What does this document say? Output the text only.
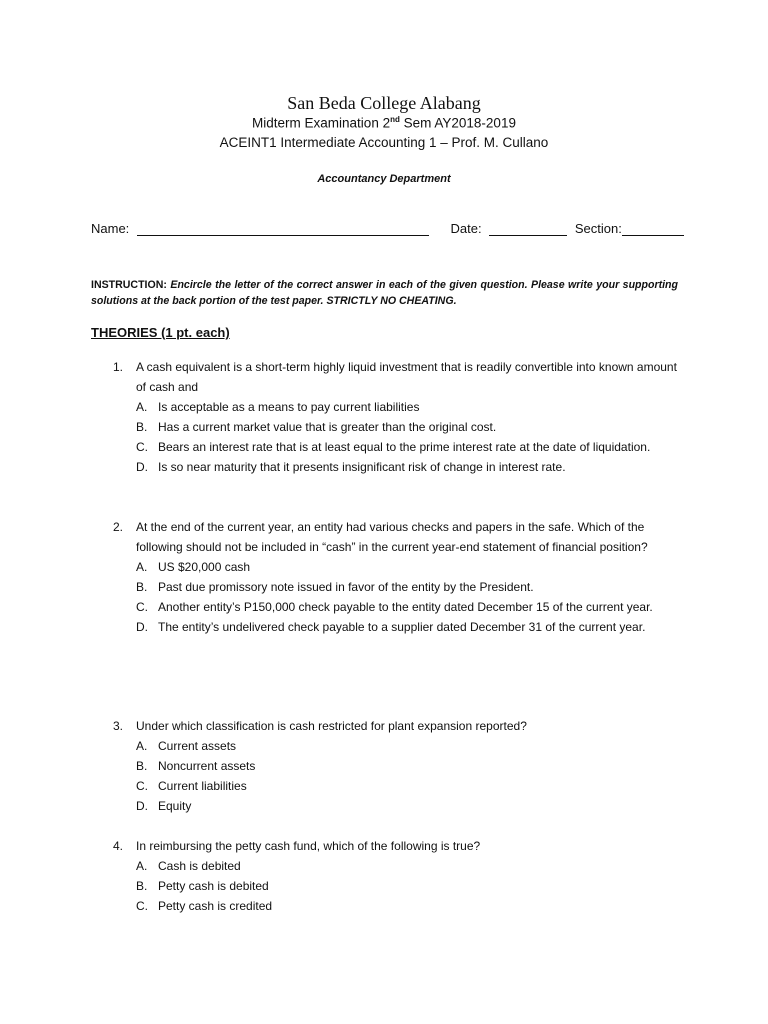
San Beda College Alabang
Midterm Examination 2nd Sem AY2018-2019
ACEINT1 Intermediate Accounting 1 – Prof. M. Cullano
Accountancy Department
Name:	Date:	Section:
INSTRUCTION: Encircle the letter of the correct answer in each of the given question. Please write your supporting solutions at the back portion of the test paper. STRICTLY NO CHEATING.
THEORIES (1 pt. each)
1. A cash equivalent is a short-term highly liquid investment that is readily convertible into known amount of cash and
A. Is acceptable as a means to pay current liabilities
B. Has a current market value that is greater than the original cost.
C. Bears an interest rate that is at least equal to the prime interest rate at the date of liquidation.
D. Is so near maturity that it presents insignificant risk of change in interest rate.
2. At the end of the current year, an entity had various checks and papers in the safe. Which of the following should not be included in “cash” in the current year-end statement of financial position?
A. US $20,000 cash
B. Past due promissory note issued in favor of the entity by the President.
C. Another entity’s P150,000 check payable to the entity dated December 15 of the current year.
D. The entity’s undelivered check payable to a supplier dated December 31 of the current year.
3. Under which classification is cash restricted for plant expansion reported?
A. Current assets
B. Noncurrent assets
C. Current liabilities
D. Equity
4. In reimbursing the petty cash fund, which of the following is true?
A. Cash is debited
B. Petty cash is debited
C. Petty cash is credited
